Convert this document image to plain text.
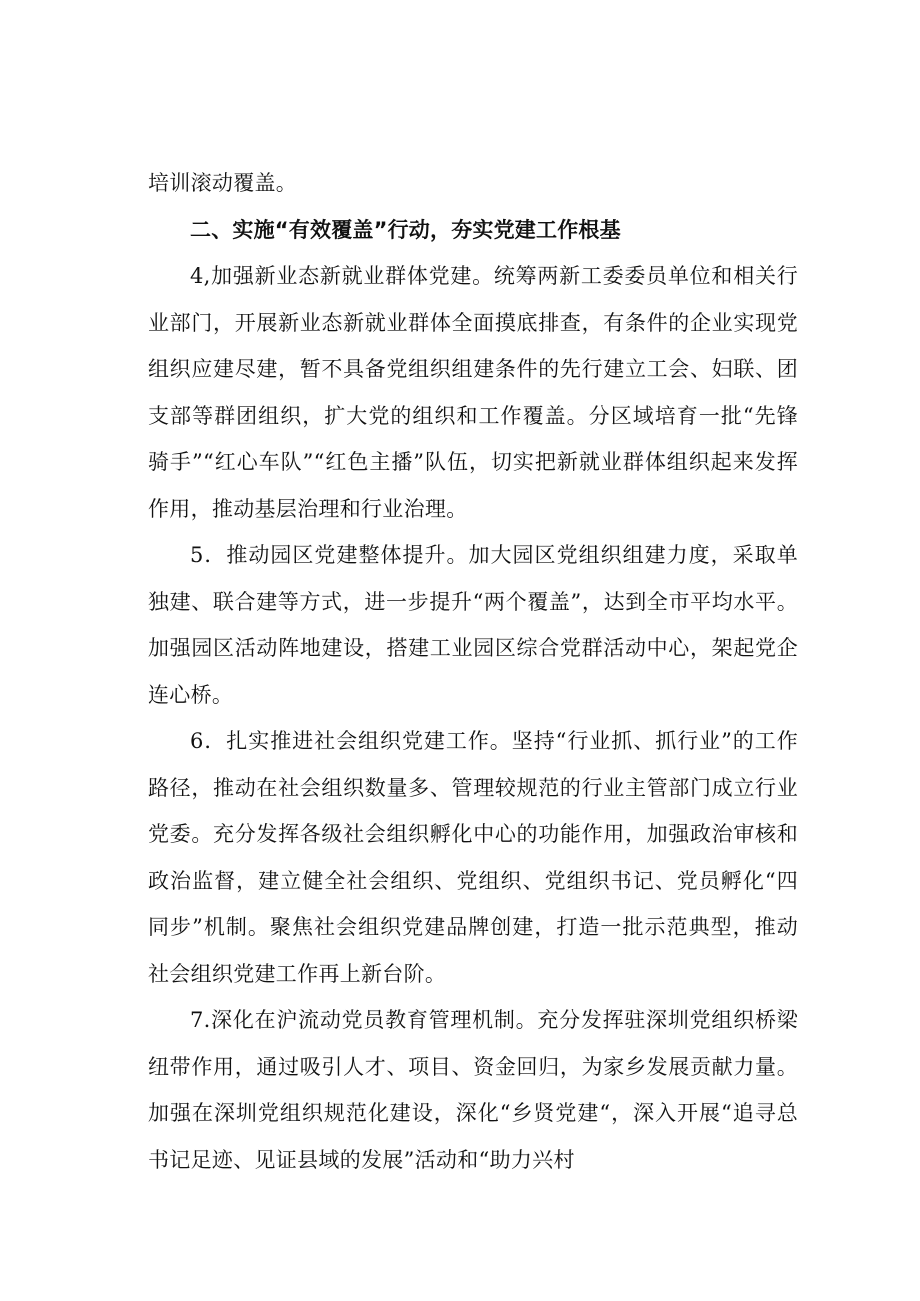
培训滚动覆盖。

二、实施“有效覆盖”行动，夯实党建工作根基

4,加强新业态新就业群体党建。统筹两新工委委员单位和相关行业部门，开展新业态新就业群体全面摸底排查，有条件的企业实现党组织应建尽建，暂不具备党组织组建条件的先行建立工会、妇联、团支部等群团组织，扩大党的组织和工作覆盖。分区域培育一批“先锋骑手”“红心车队”“红色主播”队伍，切实把新就业群体组织起来发挥作用，推动基层治理和行业治理。

5．推动园区党建整体提升。加大园区党组织组建力度，采取单独建、联合建等方式，进一步提升“两个覆盖”，达到全市平均水平。加强园区活动阵地建设，搭建工业园区综合党群活动中心，架起党企连心桥。

6．扎实推进社会组织党建工作。坚持“行业抓、抓行业”的工作路径，推动在社会组织数量多、管理较规范的行业主管部门成立行业党委。充分发挥各级社会组织孵化中心的功能作用，加强政治审核和政治监督，建立健全社会组织、党组织、党组织书记、党员孵化“四同步”机制。聚焦社会组织党建品牌创建，打造一批示范典型，推动社会组织党建工作再上新台阶。

7.深化在沪流动党员教育管理机制。充分发挥驻深圳党组织桥梁纽带作用，通过吸引人才、项目、资金回归，为家乡发展贡献力量。加强在深圳党组织规范化建设，深化“乡贤党建“，深入开展“追寻总书记足迹、见证县域的发展”活动和“助力兴村
